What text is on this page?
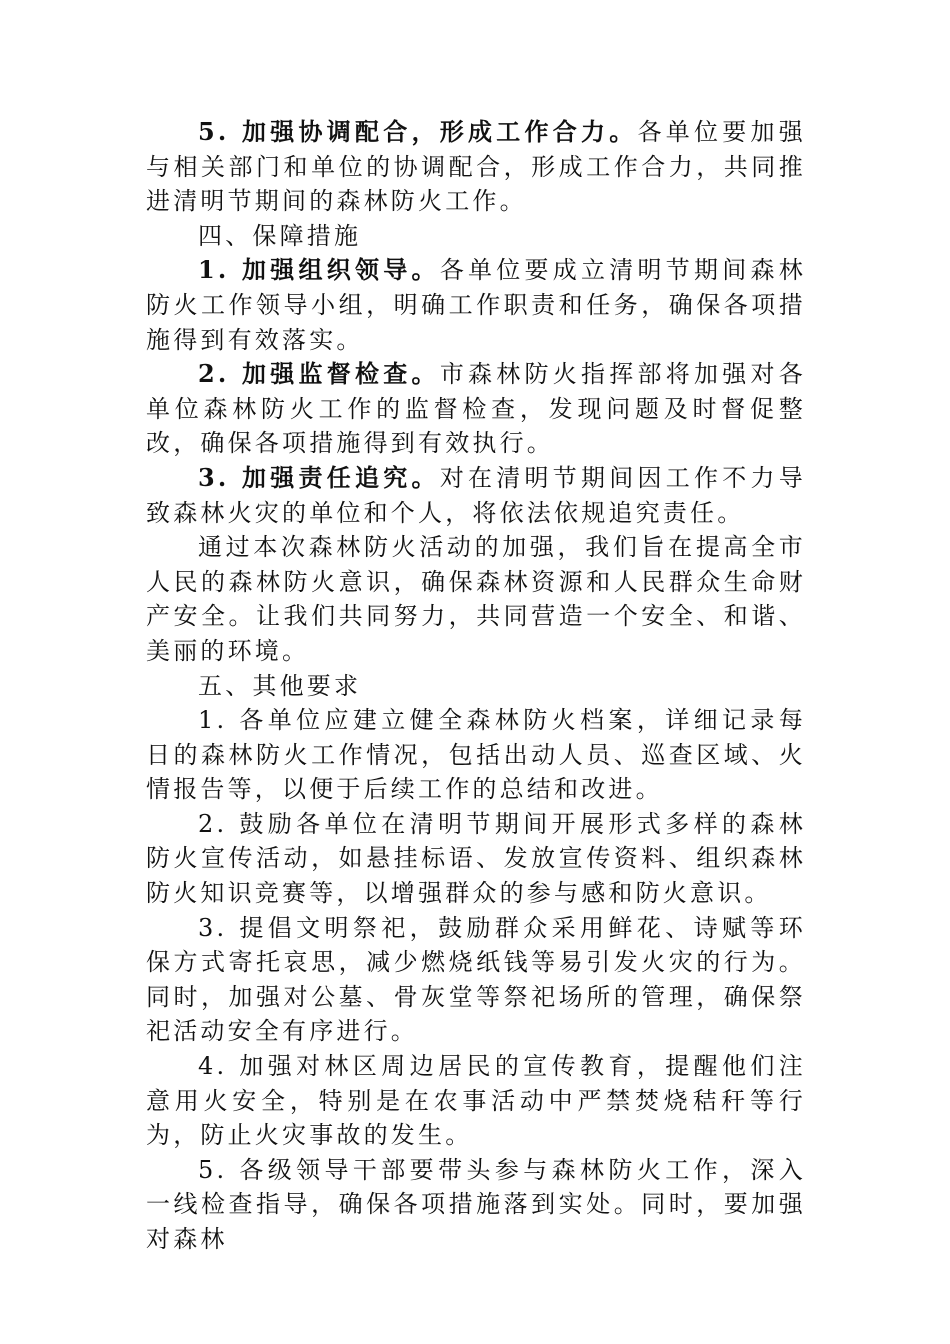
5. 加强协调配合，形成工作合力。各单位要加强与相关部门和单位的协调配合，形成工作合力，共同推进清明节期间的森林防火工作。

四、保障措施

1. 加强组织领导。各单位要成立清明节期间森林防火工作领导小组，明确工作职责和任务，确保各项措施得到有效落实。

2. 加强监督检查。市森林防火指挥部将加强对各单位森林防火工作的监督检查，发现问题及时督促整改，确保各项措施得到有效执行。

3. 加强责任追究。对在清明节期间因工作不力导致森林火灾的单位和个人，将依法依规追究责任。

通过本次森林防火活动的加强，我们旨在提高全市人民的森林防火意识，确保森林资源和人民群众生命财产安全。让我们共同努力，共同营造一个安全、和谐、美丽的环境。

五、其他要求

1. 各单位应建立健全森林防火档案，详细记录每日的森林防火工作情况，包括出动人员、巡查区域、火情报告等，以便于后续工作的总结和改进。

2. 鼓励各单位在清明节期间开展形式多样的森林防火宣传活动，如悬挂标语、发放宣传资料、组织森林防火知识竞赛等，以增强群众的参与感和防火意识。

3. 提倡文明祭祀，鼓励群众采用鲜花、诗赋等环保方式寄托哀思，减少燃烧纸钱等易引发火灾的行为。同时，加强对公墓、骨灰堂等祭祀场所的管理，确保祭祀活动安全有序进行。

4. 加强对林区周边居民的宣传教育，提醒他们注意用火安全，特别是在农事活动中严禁焚烧秸秆等行为，防止火灾事故的发生。

5. 各级领导干部要带头参与森林防火工作，深入一线检查指导，确保各项措施落到实处。同时，要加强对森林
